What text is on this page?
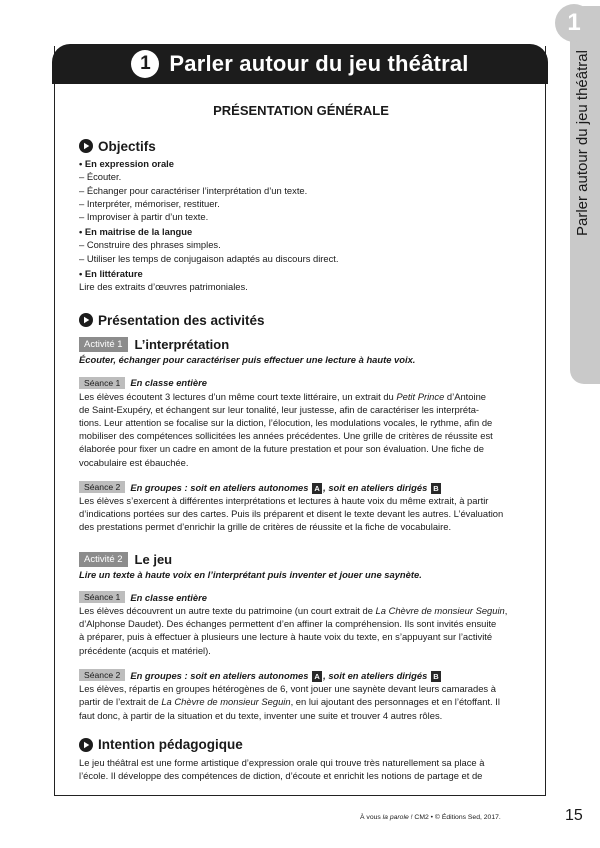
1
Parler autour du jeu théâtral
1 Parler autour du jeu théâtral
PRÉSENTATION GÉNÉRALE
Objectifs
• En expression orale
– Écouter.
– Échanger pour caractériser l’interprétation d’un texte.
– Interpréter, mémoriser, restituer.
– Improviser à partir d’un texte.
• En maitrise de la langue
– Construire des phrases simples.
– Utiliser les temps de conjugaison adaptés au discours direct.
• En littérature
Lire des extraits d’œuvres patrimoniales.
Présentation des activités
Activité 1 L’interprétation
Écouter, échanger pour caractériser puis effectuer une lecture à haute voix.
Séance 1	En classe entière
Les élèves écoutent 3 lectures d’un même court texte littéraire, un extrait du Petit Prince d’Antoine
de Saint-Exupéry, et échangent sur leur tonalité, leur justesse, afin de caractériser les interpréta-
tions. Leur attention se focalise sur la diction, l’élocution, les modulations vocales, le rythme, afin de
mobiliser des compétences sollicitées les années précédentes. Une grille de critères de réussite est
élaborée pour fixer un cadre en amont de la future prestation et pour son évaluation. Une fiche de
vocabulaire est ébauchée.
Séance 2	En groupes : soit en ateliers autonomes A , soit en ateliers dirigés B
Les élèves s’exercent à différentes interprétations et lectures à haute voix du même extrait, à partir
d’indications portées sur des cartes. Puis ils préparent et disent le texte devant les autres. L’évaluation
des prestations permet d’enrichir la grille de critères de réussite et la fiche de vocabulaire.
Activité 2 Le jeu
Lire un texte à haute voix en l’interprétant puis inventer et jouer une saynète.
Séance 1	En classe entière
Les élèves découvrent un autre texte du patrimoine (un court extrait de La Chèvre de monsieur Seguin,
d’Alphonse Daudet). Des échanges permettent d’en affiner la compréhension. Ils sont invités ensuite
à préparer, puis à effectuer à plusieurs une lecture à haute voix du texte, en s’appuyant sur l’activité
précédente (acquis et matériel).
Séance 2	En groupes : soit en ateliers autonomes A , soit en ateliers dirigés B
Les élèves, répartis en groupes hétérogènes de 6, vont jouer une saynète devant leurs camarades à
partir de l’extrait de La Chèvre de monsieur Seguin, en lui ajoutant des personnages et en l’étoffant. Il
faut donc, à partir de la situation et du texte, inventer une suite et trouver 4 autres rôles.
Intention pédagogique
Le jeu théâtral est une forme artistique d’expression orale qui trouve très naturellement sa place à
l’école. Il développe des compétences de diction, d’écoute et enrichit les notions de partage et de
À vous la parole ! CM2 • © Éditions Sed, 2017.	15
